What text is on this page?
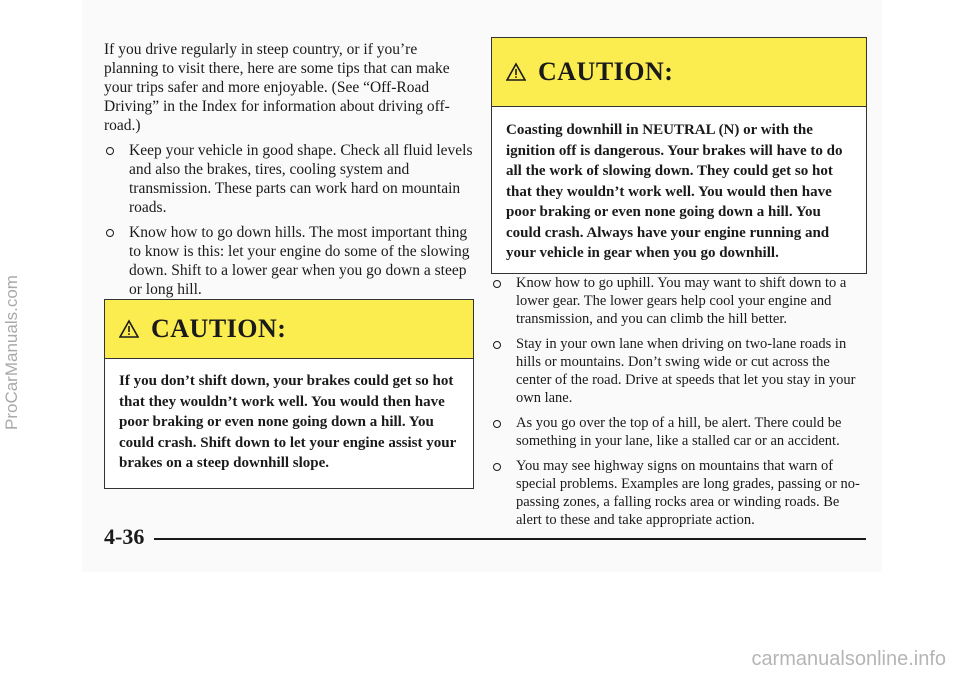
If you drive regularly in steep country, or if you’re planning to visit there, here are some tips that can make your trips safer and more enjoyable. (See “Off-Road Driving” in the Index for information about driving off-road.)

Keep your vehicle in good shape. Check all fluid levels and also the brakes, tires, cooling system and transmission. These parts can work hard on mountain roads.
Know how to go down hills. The most important thing to know is this: let your engine do some of the slowing down. Shift to a lower gear when you go down a steep or long hill.
CAUTION:
If you don’t shift down, your brakes could get so hot that they wouldn’t work well. You would then have poor braking or even none going down a hill. You could crash. Shift down to let your engine assist your brakes on a steep downhill slope.
CAUTION:
Coasting downhill in NEUTRAL (N) or with the ignition off is dangerous. Your brakes will have to do all the work of slowing down. They could get so hot that they wouldn’t work well. You would then have poor braking or even none going down a hill. You could crash. Always have your engine running and your vehicle in gear when you go downhill.
Know how to go uphill. You may want to shift down to a lower gear. The lower gears help cool your engine and transmission, and you can climb the hill better.
Stay in your own lane when driving on two-lane roads in hills or mountains. Don’t swing wide or cut across the center of the road. Drive at speeds that let you stay in your own lane.
As you go over the top of a hill, be alert. There could be something in your lane, like a stalled car or an accident.
You may see highway signs on mountains that warn of special problems. Examples are long grades, passing or no-passing zones, a falling rocks area or winding roads. Be alert to these and take appropriate action.
4-36
ProCarManuals.com
carmanualsonline.info
